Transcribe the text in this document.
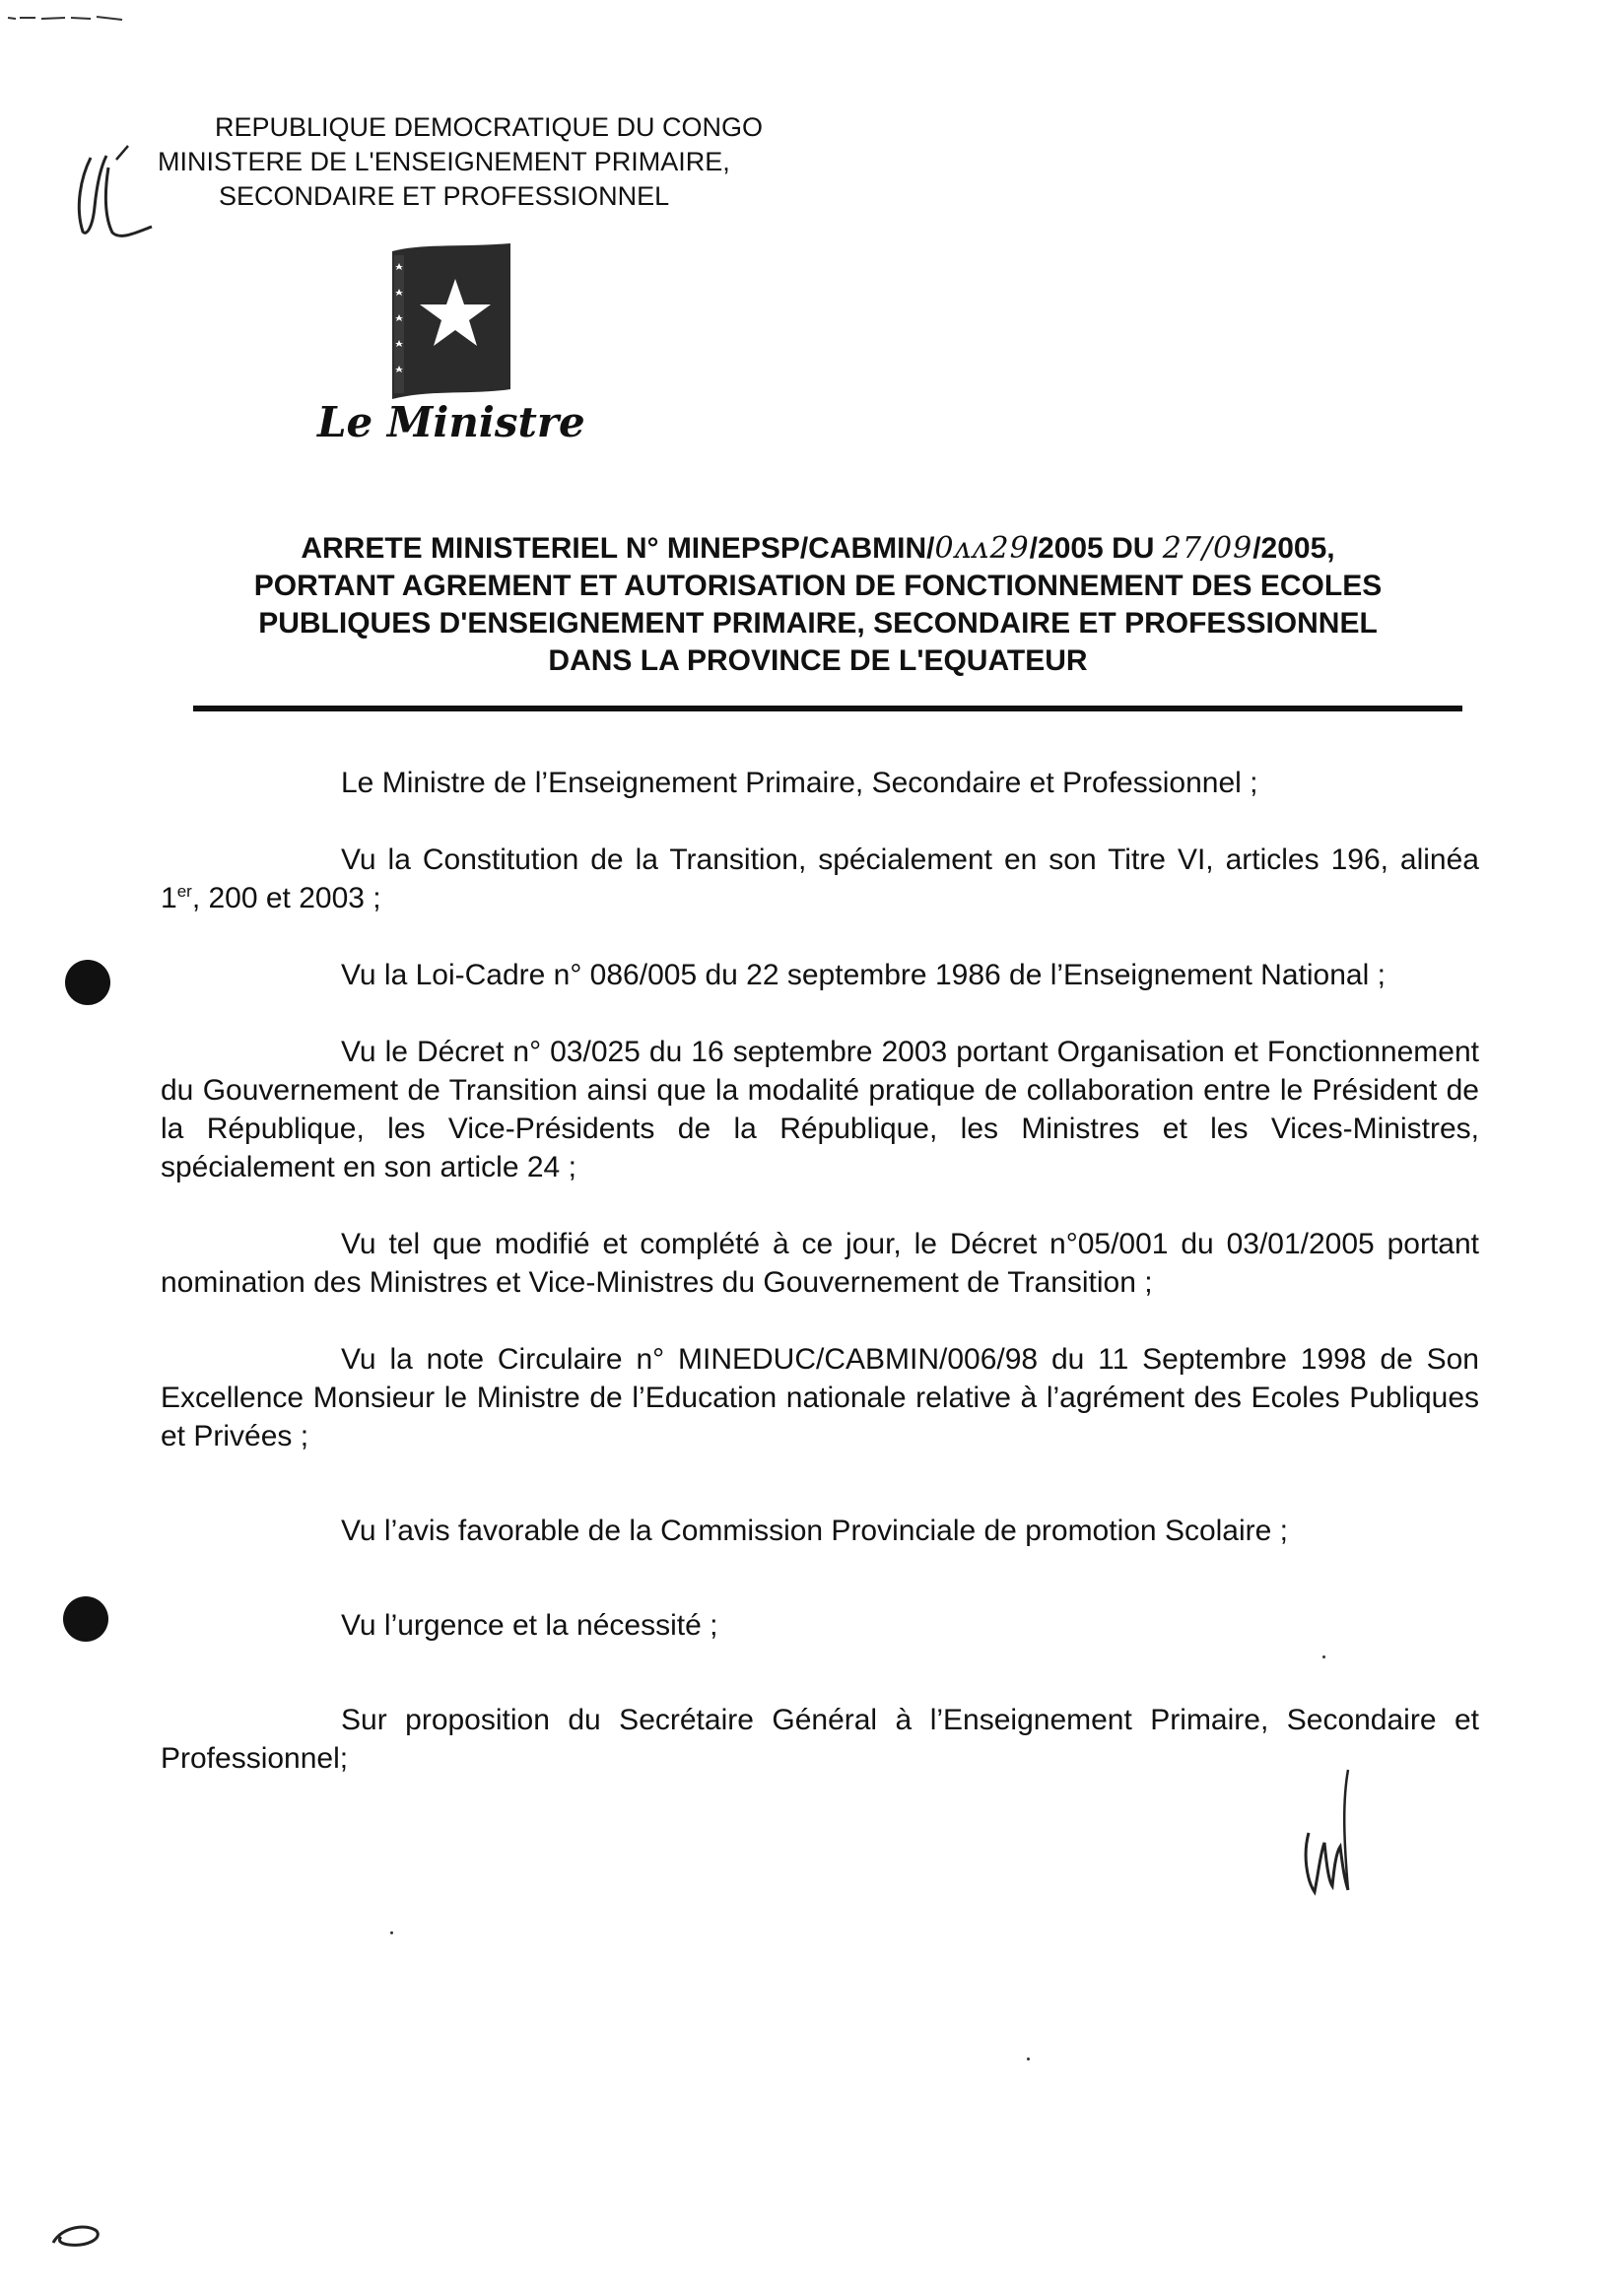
REPUBLIQUE DEMOCRATIQUE DU CONGO
MINISTERE DE L'ENSEIGNEMENT PRIMAIRE,
SECONDAIRE ET PROFESSIONNEL
Le Ministre
ARRETE MINISTERIEL N° MINEPSP/CABMIN/0ᴧᴧ29/2005 DU 27/09/2005,
PORTANT AGREMENT ET AUTORISATION DE FONCTIONNEMENT DES ECOLES
PUBLIQUES D'ENSEIGNEMENT PRIMAIRE, SECONDAIRE ET PROFESSIONNEL
DANS LA PROVINCE DE L'EQUATEUR

Le Ministre de l’Enseignement Primaire, Secondaire et Professionnel ;

Vu la Constitution de la Transition, spécialement en son Titre VI, articles 196, alinéa 1er, 200 et 2003 ;

Vu la Loi-Cadre n° 086/005 du 22 septembre 1986 de l’Enseignement National ;

Vu le Décret n° 03/025 du 16 septembre 2003 portant Organisation et Fonctionnement du Gouvernement de Transition ainsi que la modalité pratique de collaboration entre le Président de la République, les Vice-Présidents de la République, les Ministres et les Vices-Ministres, spécialement en son article 24 ;

Vu tel que modifié et complété à ce jour, le Décret n°05/001 du 03/01/2005 portant nomination des Ministres et Vice-Ministres du Gouvernement de Transition ;

Vu la note Circulaire n° MINEDUC/CABMIN/006/98 du 11 Septembre 1998 de Son Excellence Monsieur le Ministre de l’Education nationale relative à l’agrément des Ecoles Publiques et Privées ;

Vu l’avis favorable de la Commission Provinciale de promotion Scolaire ;

Vu l’urgence et la nécessité ;

Sur proposition du Secrétaire Général à l’Enseignement Primaire, Secondaire et Professionnel;
